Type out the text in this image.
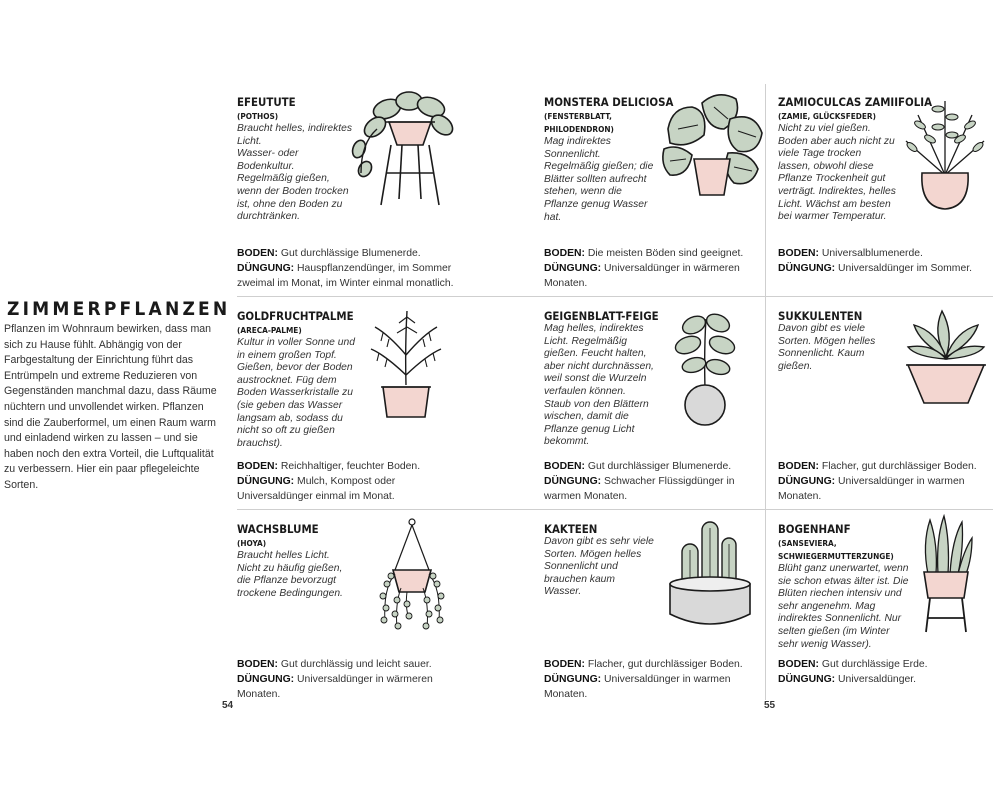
ZIMMERPFLANZEN

Pflanzen im Wohnraum bewirken, dass man sich zu Hause fühlt. Abhängig von der Farbgestaltung der Einrichtung führt das Entrümpeln und extreme Reduzieren von Gegenständen manchmal dazu, dass Räume nüchtern und unvollendet wirken. Pflanzen sind die Zauberformel, um einen Raum warm und einladend wirken zu lassen – und sie haben noch den extra Vorteil, die Luftqualität zu verbessern. Hier ein paar pflegeleichte Sorten.

EFEUTUTE
(POTHOS)
Braucht helles, indirektes Licht.
Wasser- oder Bodenkultur.
Regelmäßig gießen, wenn der Boden trocken ist, ohne den Boden zu durchtränken.
BODEN: Gut durchlässige Blumenerde.
DÜNGUNG: Hauspflanzendünger, im Sommer zweimal im Monat, im Winter einmal monatlich.
MONSTERA DELICIOSA
(FENSTERBLATT,
PHILODENDRON)
Mag indirektes Sonnenlicht. Regelmäßig gießen; die Blätter sollten aufrecht stehen, wenn die Pflanze genug Wasser hat.
BODEN: Die meisten Böden sind geeignet.
DÜNGUNG: Universaldünger in wärmeren Monaten.
ZAMIOCULCAS ZAMIIFOLIA
(ZAMIE, GLÜCKSFEDER)
Nicht zu viel gießen. Boden aber auch nicht zu viele Tage trocken lassen, obwohl diese Pflanze Trockenheit gut verträgt. Indirektes, helles Licht. Wächst am besten bei warmer Temperatur.
BODEN: Universalblumenerde.
DÜNGUNG: Universaldünger im Sommer.
GOLDFRUCHTPALME
(ARECA-PALME)
Kultur in voller Sonne und in einem großen Topf. Gießen, bevor der Boden austrocknet. Füg dem Boden Wasserkristalle zu (sie geben das Wasser langsam ab, sodass du nicht so oft zu gießen brauchst).
BODEN: Reichhaltiger, feuchter Boden.
DÜNGUNG: Mulch, Kompost oder Universaldünger einmal im Monat.
GEIGENBLATT-FEIGE
Mag helles, indirektes Licht. Regelmäßig gießen. Feucht halten, aber nicht durchnässen, weil sonst die Wurzeln verfaulen können. Staub von den Blättern wischen, damit die Pflanze genug Licht bekommt.
BODEN: Gut durchlässiger Blumenerde.
DÜNGUNG: Schwacher Flüssigdünger in warmen Monaten.
SUKKULENTEN
Davon gibt es viele Sorten. Mögen helles Sonnenlicht. Kaum gießen.
BODEN: Flacher, gut durchlässiger Boden.
DÜNGUNG: Universaldünger in warmen Monaten.
WACHSBLUME
(HOYA)
Braucht helles Licht.
Nicht zu häufig gießen, die Pflanze bevorzugt trockene Bedingungen.
BODEN: Gut durchlässig und leicht sauer.
DÜNGUNG: Universaldünger in wärmeren Monaten.
KAKTEEN
Davon gibt es sehr viele Sorten. Mögen helles Sonnenlicht und brauchen kaum Wasser.
BODEN: Flacher, gut durchlässiger Boden.
DÜNGUNG: Universaldünger in warmen Monaten.
BOGENHANF
(SANSEVIERA,
SCHWIEGERMUTTERZUNGE)
Blüht ganz unerwartet, wenn sie schon etwas älter ist. Die Blüten riechen intensiv und sehr angenehm. Mag indirektes Sonnenlicht. Nur selten gießen (im Winter sehr wenig Wasser).
BODEN: Gut durchlässige Erde.
DÜNGUNG: Universaldünger.
54	55
